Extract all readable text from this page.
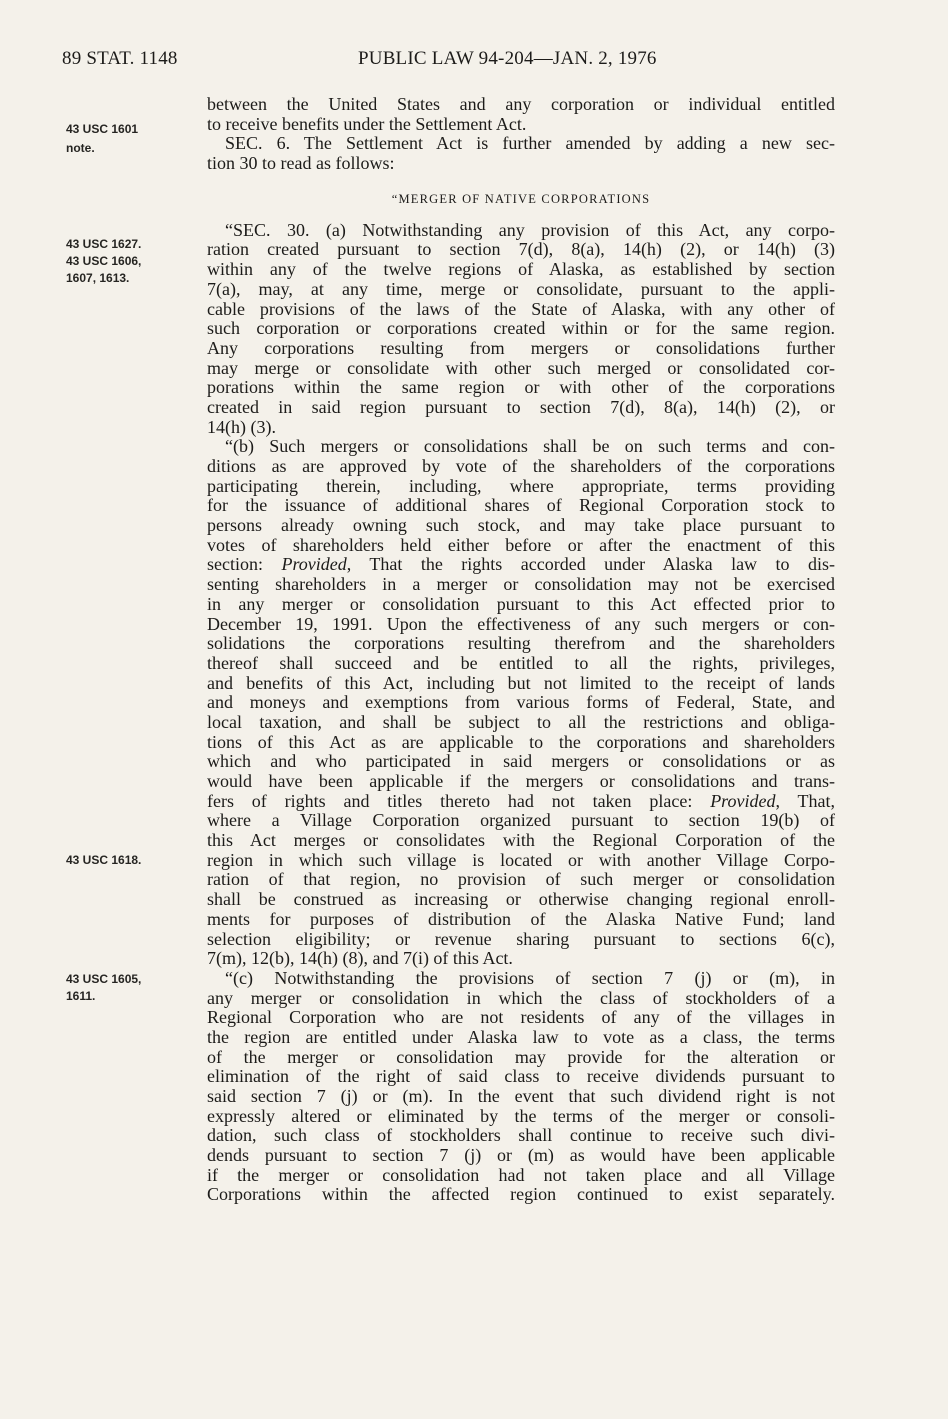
89 STAT. 1148	PUBLIC LAW 94-204—JAN. 2, 1976
43 USC 1601
note.
43 USC 1627.
43 USC 1606,
1607, 1613.
43 USC 1618.
43 USC 1605,
1611.
between the United States and any corporation or individual entitled
to receive benefits under the Settlement Act.
SEC. 6. The Settlement Act is further amended by adding a new sec-
tion 30 to read as follows:
“MERGER OF NATIVE CORPORATIONS
“SEC. 30. (a) Notwithstanding any provision of this Act, any corpo-
ration created pursuant to section 7(d), 8(a), 14(h) (2), or 14(h) (3)
within any of the twelve regions of Alaska, as established by section
7(a), may, at any time, merge or consolidate, pursuant to the appli-
cable provisions of the laws of the State of Alaska, with any other of
such corporation or corporations created within or for the same region.
Any corporations resulting from mergers or consolidations further
may merge or consolidate with other such merged or consolidated cor-
porations within the same region or with other of the corporations
created in said region pursuant to section 7(d), 8(a), 14(h) (2), or
14(h) (3).
“(b) Such mergers or consolidations shall be on such terms and con-
ditions as are approved by vote of the shareholders of the corporations
participating therein, including, where appropriate, terms providing
for the issuance of additional shares of Regional Corporation stock to
persons already owning such stock, and may take place pursuant to
votes of shareholders held either before or after the enactment of this
section: Provided, That the rights accorded under Alaska law to dis-
senting shareholders in a merger or consolidation may not be exercised
in any merger or consolidation pursuant to this Act effected prior to
December 19, 1991. Upon the effectiveness of any such mergers or con-
solidations the corporations resulting therefrom and the shareholders
thereof shall succeed and be entitled to all the rights, privileges,
and benefits of this Act, including but not limited to the receipt of lands
and moneys and exemptions from various forms of Federal, State, and
local taxation, and shall be subject to all the restrictions and obliga-
tions of this Act as are applicable to the corporations and shareholders
which and who participated in said mergers or consolidations or as
would have been applicable if the mergers or consolidations and trans-
fers of rights and titles thereto had not taken place: Provided, That,
where a Village Corporation organized pursuant to section 19(b) of
this Act merges or consolidates with the Regional Corporation of the
region in which such village is located or with another Village Corpo-
ration of that region, no provision of such merger or consolidation
shall be construed as increasing or otherwise changing regional enroll-
ments for purposes of distribution of the Alaska Native Fund; land
selection eligibility; or revenue sharing pursuant to sections 6(c),
7(m), 12(b), 14(h) (8), and 7(i) of this Act.
“(c) Notwithstanding the provisions of section 7 (j) or (m), in
any merger or consolidation in which the class of stockholders of a
Regional Corporation who are not residents of any of the villages in
the region are entitled under Alaska law to vote as a class, the terms
of the merger or consolidation may provide for the alteration or
elimination of the right of said class to receive dividends pursuant to
said section 7 (j) or (m). In the event that such dividend right is not
expressly altered or eliminated by the terms of the merger or consoli-
dation, such class of stockholders shall continue to receive such divi-
dends pursuant to section 7 (j) or (m) as would have been applicable
if the merger or consolidation had not taken place and all Village
Corporations within the affected region continued to exist separately.
